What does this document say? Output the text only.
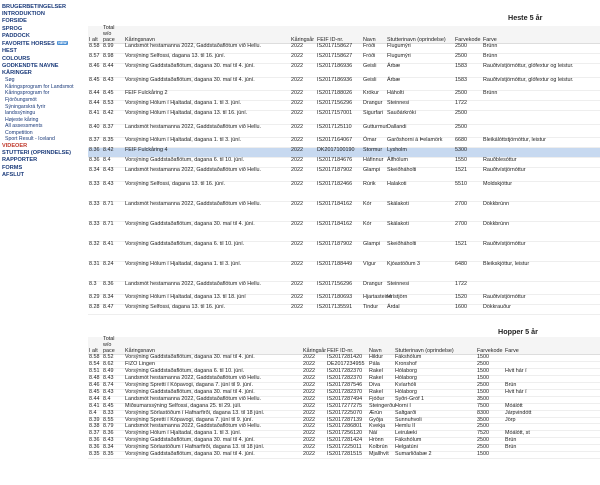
BRUGERBETINGELSER
INTRODUKTION
FORSIDE
SPROG
PADDOCK
FAVORITE HORSES NEW
HEST
COLOURS
GODKENDTE NAVNE
KÅRINGER
Søg
Kåringsprogram for Landsmot
Kåringsprogram for
Fjórðungsmót
Sýningarskrá fyrir
landssýningu
Højeste kåring
All assessments
Competition
Sport Result - Iceland
VIDEOER
STUTTERI (OPRINDELSE)
RAPPORTER
FORMS
AFSLUT
Heste 5 år
I alt	Total w/o pace	Kåringsnavn	Kåringsår	FEIF ID-nr.	Navn	Stutterinavn (oprindelse)	Farvekode	Farve
8.58	8.99	Landsmót hestamanna 2022, Gaddstaðaflötum við Hellu.	2022	IS2017158627	Fróði	Flugumýri	2500	Brúnn
8.57	8.98	Vorsýning Selfossi, dagana 13. til 16. júní.	2022	IS2017158627	Fróði	Flugumýri	2500	Brúnn
8.46	8.44	Vorsýning Gaddstaðaflötum, dagana 30. maí til 4. júní.	2022	IS2017186936	Geisli	Árbæ	1583	Rauðtvístjörnóttur, glófextur og leistur.
8.45	8.43	Vorsýning Gaddstaðaflötum, dagana 30. maí til 4. júní.	2022	IS2017186936	Geisli	Árbæ	1583	Rauðtvístjörnóttur, glófextur og leistur.
8.44	8.45	FEIF Fulckåring 2	2022	IS2017188026	Krókur	Háholti	2500	Brúnn
8.44	8.53	Vorsýning Hólum í Hjaltadal, dagana 1. til 3. júní.	2022	IS2017156296	Drangur	Steinnesi	1722	
8.41	8.42	Vorsýning Hólum í Hjaltadal, dagana 13. til 16. júní.	2022	IS2017157001	Sigurfari	Sauðárkróki	2500	
8.40	8.37	Landsmót hestamanna 2022, Gaddstaðaflötum við Hellu.	2022	IS2017125110	Gutturmur	Dallandi	2500	
8.37	8.35	Vorsýning Hólum í Hjaltadal, dagana 1. til 3. júní.	2022	IS2017164067	Ómar	Garðshorni á Þelamörk	6680	Bleikálóttstjörnóttur, leistur
8.36	8.42	FEIF Fulckåring 4	2022	DK2017100190	Stormur	Lysholm	5300	
8.36	8.4	Vorsýning Gaddstaðaflötum, dagana 6. til 10. júní.	2022	IS2017184676	Háfinnur	Álfhólum	1550	Rauðblesóttur
8.34	8.43	Landsmót hestamanna 2022, Gaddstaðaflötum við Hellu.	2022	IS2017187902	Glampi	Skeiðháholti	1521	Rauðtvístjörnóttur
8.33	8.43	Vorsýning Selfossi, dagana 13. til 16. júní.	2022	IS2017182466	Rúrik	Halakoti	5510	Moldskjóttur
8.33	8.71	Landsmót hestamanna 2022, Gaddstaðaflötum við Hellu.	2022	IS2017184162	Kór	Skálakoti	2700	Dökkbrúnn
8.33	8.71	Vorsýning Gaddstaðaflötum, dagana 30. maí til 4. júní.	2022	IS2017184162	Kór	Skálakoti	2700	Dökkbrúnn
8.32	8.41	Vorsýning Gaddstaðaflötum, dagana 6. til 10. júní.	2022	IS2017187902	Glampi	Skeiðháholti	1521	Rauðtvístjörnóttur
8.31	8.24	Vorsýning Hólum í Hjaltadal, dagana 1. til 3. júní.	2022	IS2017188449	Vígur	Kjóastöðum 3	6480	Bleikskjóttur, leistur
8.3	8.36	Landsmót hestamanna 2022, Gaddstaðaflötum við Hellu.	2022	IS2017156296	Drangur	Steinnesi	1722	
8.29	8.34	Vorsýning Hólum í Hjaltadal, dagana 13. til 18. júní	2022	IS2017180693	Hjartasteinn	Hrístjörn	1520	Rauðtvístjörnóttur
8.28	8.47	Vorsýning Selfossi, dagana 13. til 16. júní.	2022	IS2017135591	Tindur	Árdal	1600	Dökkrauður
Hopper 5 år
I alt	Total w/o pace	Kåringsnavn	Kåringsår	FEIF ID-nr.	Navn	Stutterinavn (oprindelse)	Farvekode	Farve
8.58	8.52	Vorsýning Gaddstaðaflötum, dagana 30. maí til 4. júní.	2022	IS2017281420	Hildur	Fákshólum	1500	
8.54	8.62	FIZO Lingen	2022	DE2017234955	Pála	Kronshof	2500	
8.51	8.49	Vorsýning Gaddstaðaflötum, dagana 6. til 10. júní.	2022	IS2017282370	Rakel	Hólaborg	1500	Hvit hár í
8.48	8.43	Landsmót hestamanna 2022, Gaddstaðaflötum við Hellu.	2022	IS2017282370	Rakel	Hólaborg	1500	
8.46	8.74	Vorsýning Spretti í Kópavogi, dagana 7. júní til 9. júní.	2022	IS2017287546	Díva	Kvíarhóli	2500	Brún
8.45	8.43	Vorsýning Gaddstaðaflötum, dagana 30. maí til 4. júní.	2022	IS2017282370	Rakel	Hólaborg	1500	Hvit hár í
8.44	8.4	Landsmót hestamanna 2022, Gaddstaðaflötum við Hellu.	2022	IS2017287494	Fjóður	Syðri-Gróf 1	3500	
8.41	8.45	Miðsumarssýning Selfossi, dagana 25. til 29. júlí.	2022	IS2017277275	Steingerður	Horni I	7500	Móálótt
8.4	8.33	Vorsýning Sörlastöðum í Hafnarfirði, dagana 13. til 18 júní.	2022	IS2017225070	Ærún	Saltgarði	8300	Járpvindótt
8.39	8.55	Vorsýning Spretti í Kópavogi, dagana 7. júní til 9. júní.	2022	IS2017287139	Gyðja	Sunnuhvoli	3500	Jörp
8.38	8.79	Landsmót hestamanna 2022, Gaddstaðaflötum við Hellu.	2022	IS2017286801	Kvekja	Hemlu II	2500	
8.37	8.36	Vorsýning Hólum í Hjaltadal, dagana 1. til 3. júní.	2022	IS2017256120	Náí	Leirulæki	7520	Móálótt, st
8.36	8.43	Vorsýning Gaddstaðaflötum, dagana 30. maí til 4. júní.	2022	IS2017281424	Hrönn	Fákshólum	2500	Brún
8.36	8.34	Vorsýning Sörlastöðum í Hafnarfirði, dagana 13. til 18 júní.	2022	IS2017225011	Kolbrún	Helgatúni	2500	Brún
8.35	8.35	Vorsýning Gaddstaðaflötum, dagana 30. maí til 4. júní.	2022	IS2017281515	Mjallhvít	Sumarliðabæ 2	1500	
